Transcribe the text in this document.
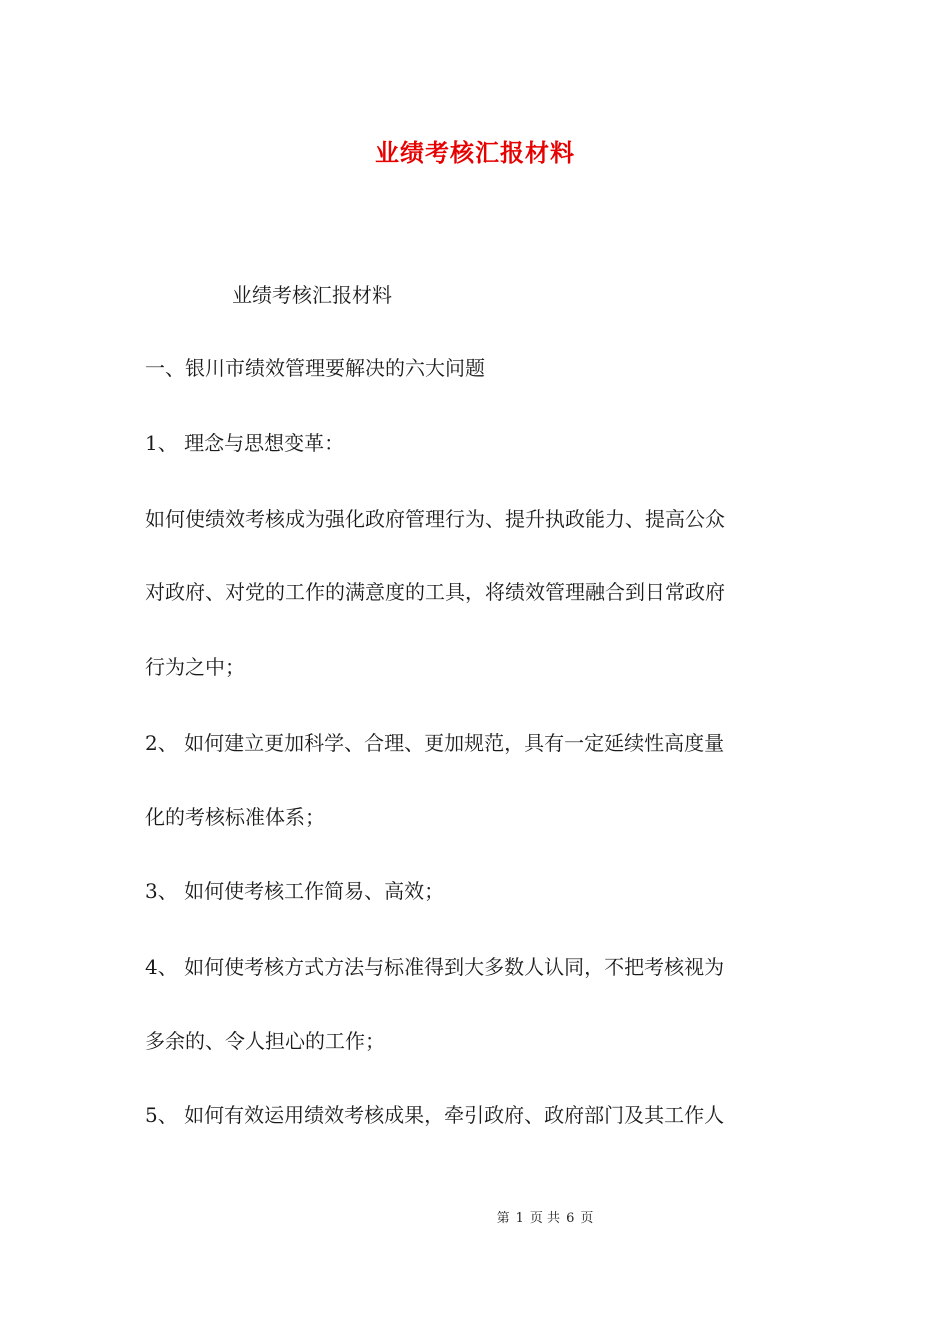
业绩考核汇报材料
业绩考核汇报材料
一、银川市绩效管理要解决的六大问题
1、 理念与思想变革：
如何使绩效考核成为强化政府管理行为、提升执政能力、提高公众
对政府、对党的工作的满意度的工具，将绩效管理融合到日常政府
行为之中；
2、 如何建立更加科学、合理、更加规范，具有一定延续性高度量
化的考核标准体系；
3、 如何使考核工作简易、高效；
4、 如何使考核方式方法与标准得到大多数人认同，不把考核视为
多余的、令人担心的工作；
5、 如何有效运用绩效考核成果，牵引政府、政府部门及其工作人
第 1 页 共 6 页
